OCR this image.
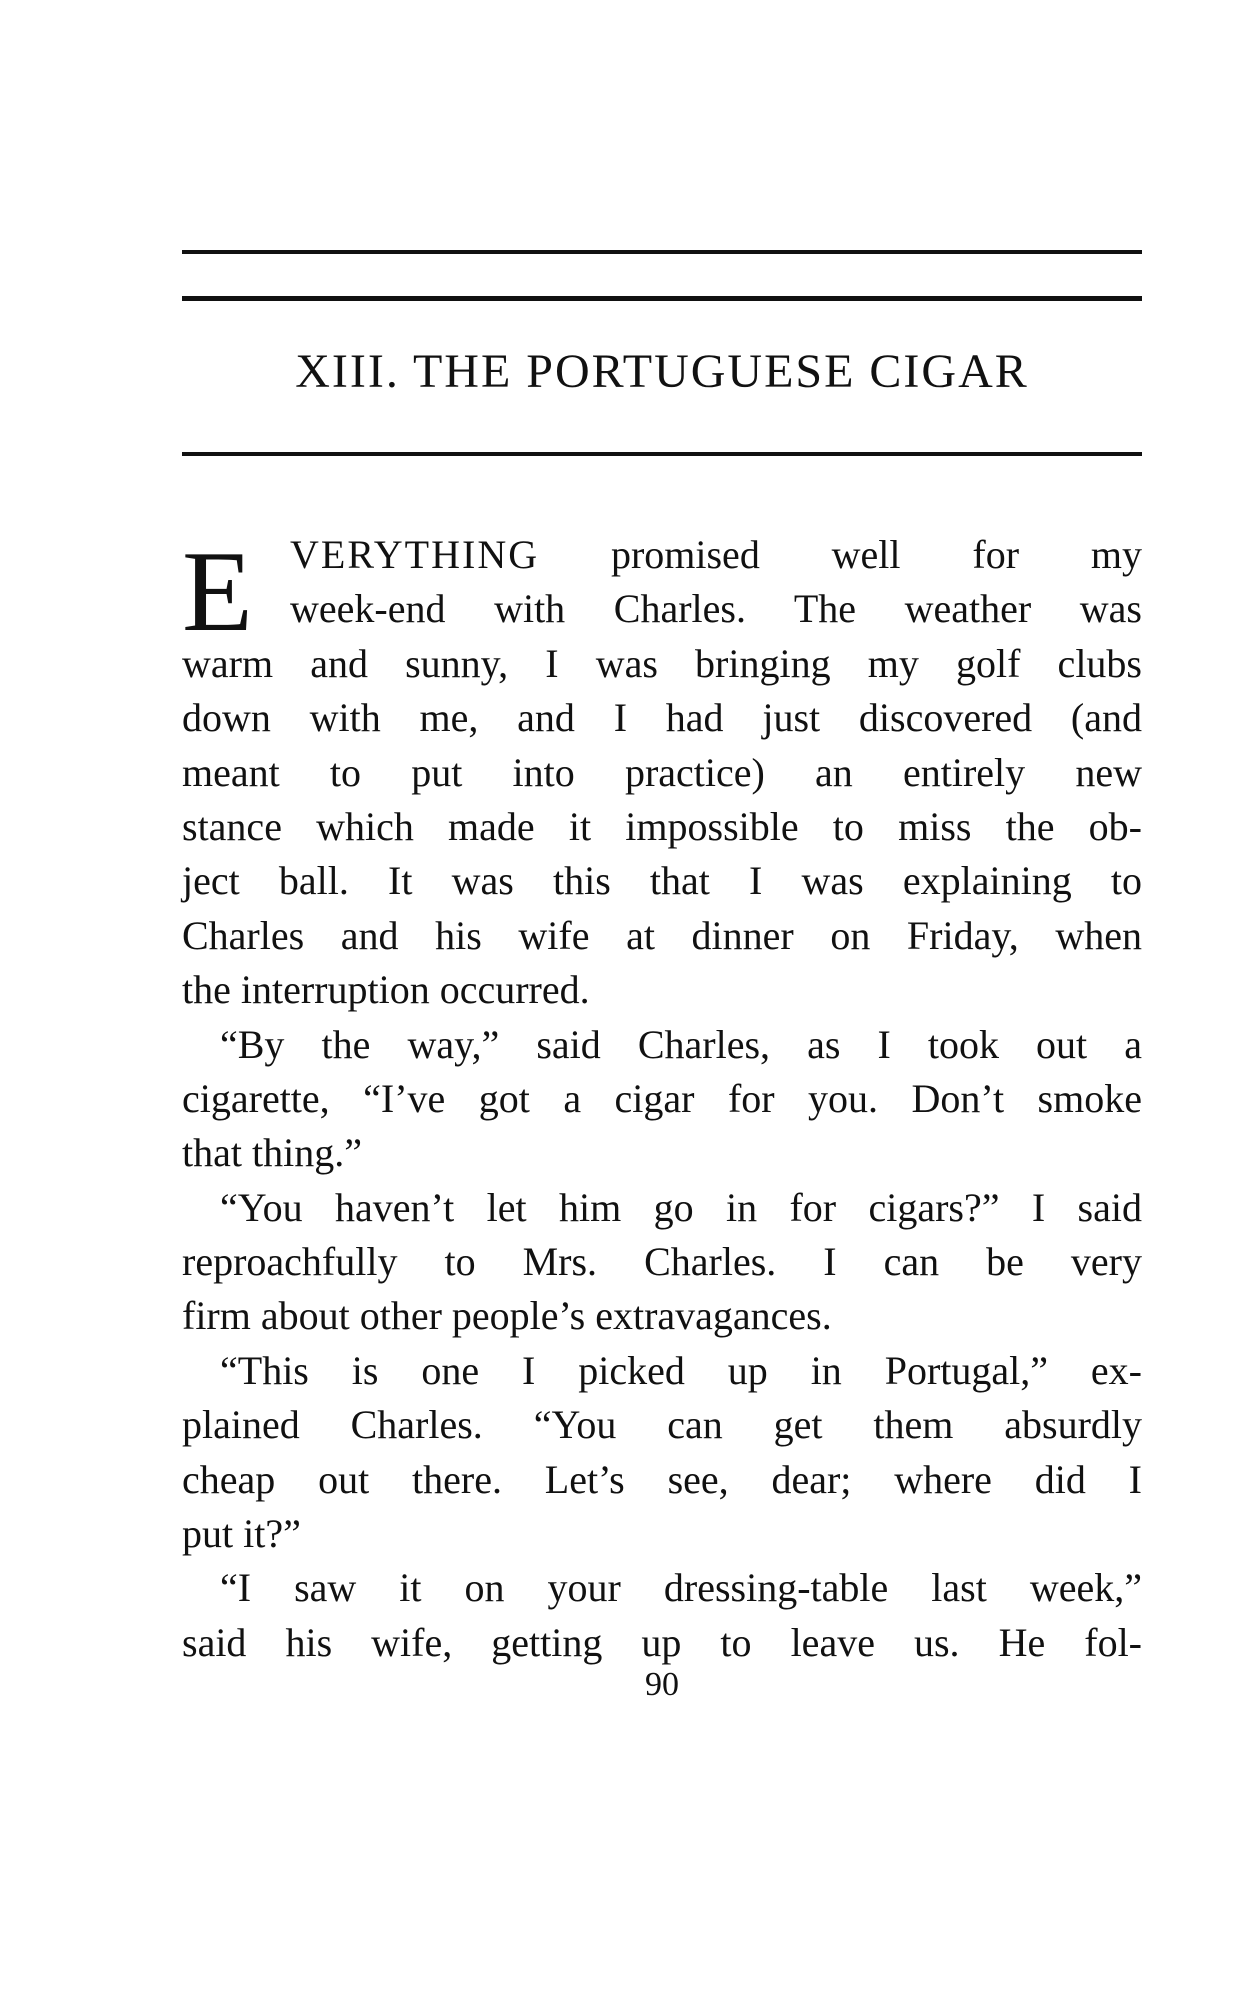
XIII. THE PORTUGUESE CIGAR
E VERYTHING promised well for my
week-end with Charles. The weather was
warm and sunny, I was bringing my golf clubs
down with me, and I had just discovered (and
meant to put into practice) an entirely new
stance which made it impossible to miss the ob-
ject ball. It was this that I was explaining to
Charles and his wife at dinner on Friday, when
the interruption occurred.
“By the way,” said Charles, as I took out a
cigarette, “I’ve got a cigar for you. Don’t smoke
that thing.”
“You haven’t let him go in for cigars?” I said
reproachfully to Mrs. Charles. I can be very
firm about other people’s extravagances.
“This is one I picked up in Portugal,” ex-
plained Charles. “You can get them absurdly
cheap out there. Let’s see, dear; where did I
put it?”
“I saw it on your dressing-table last week,”
said his wife, getting up to leave us. He fol-
90
